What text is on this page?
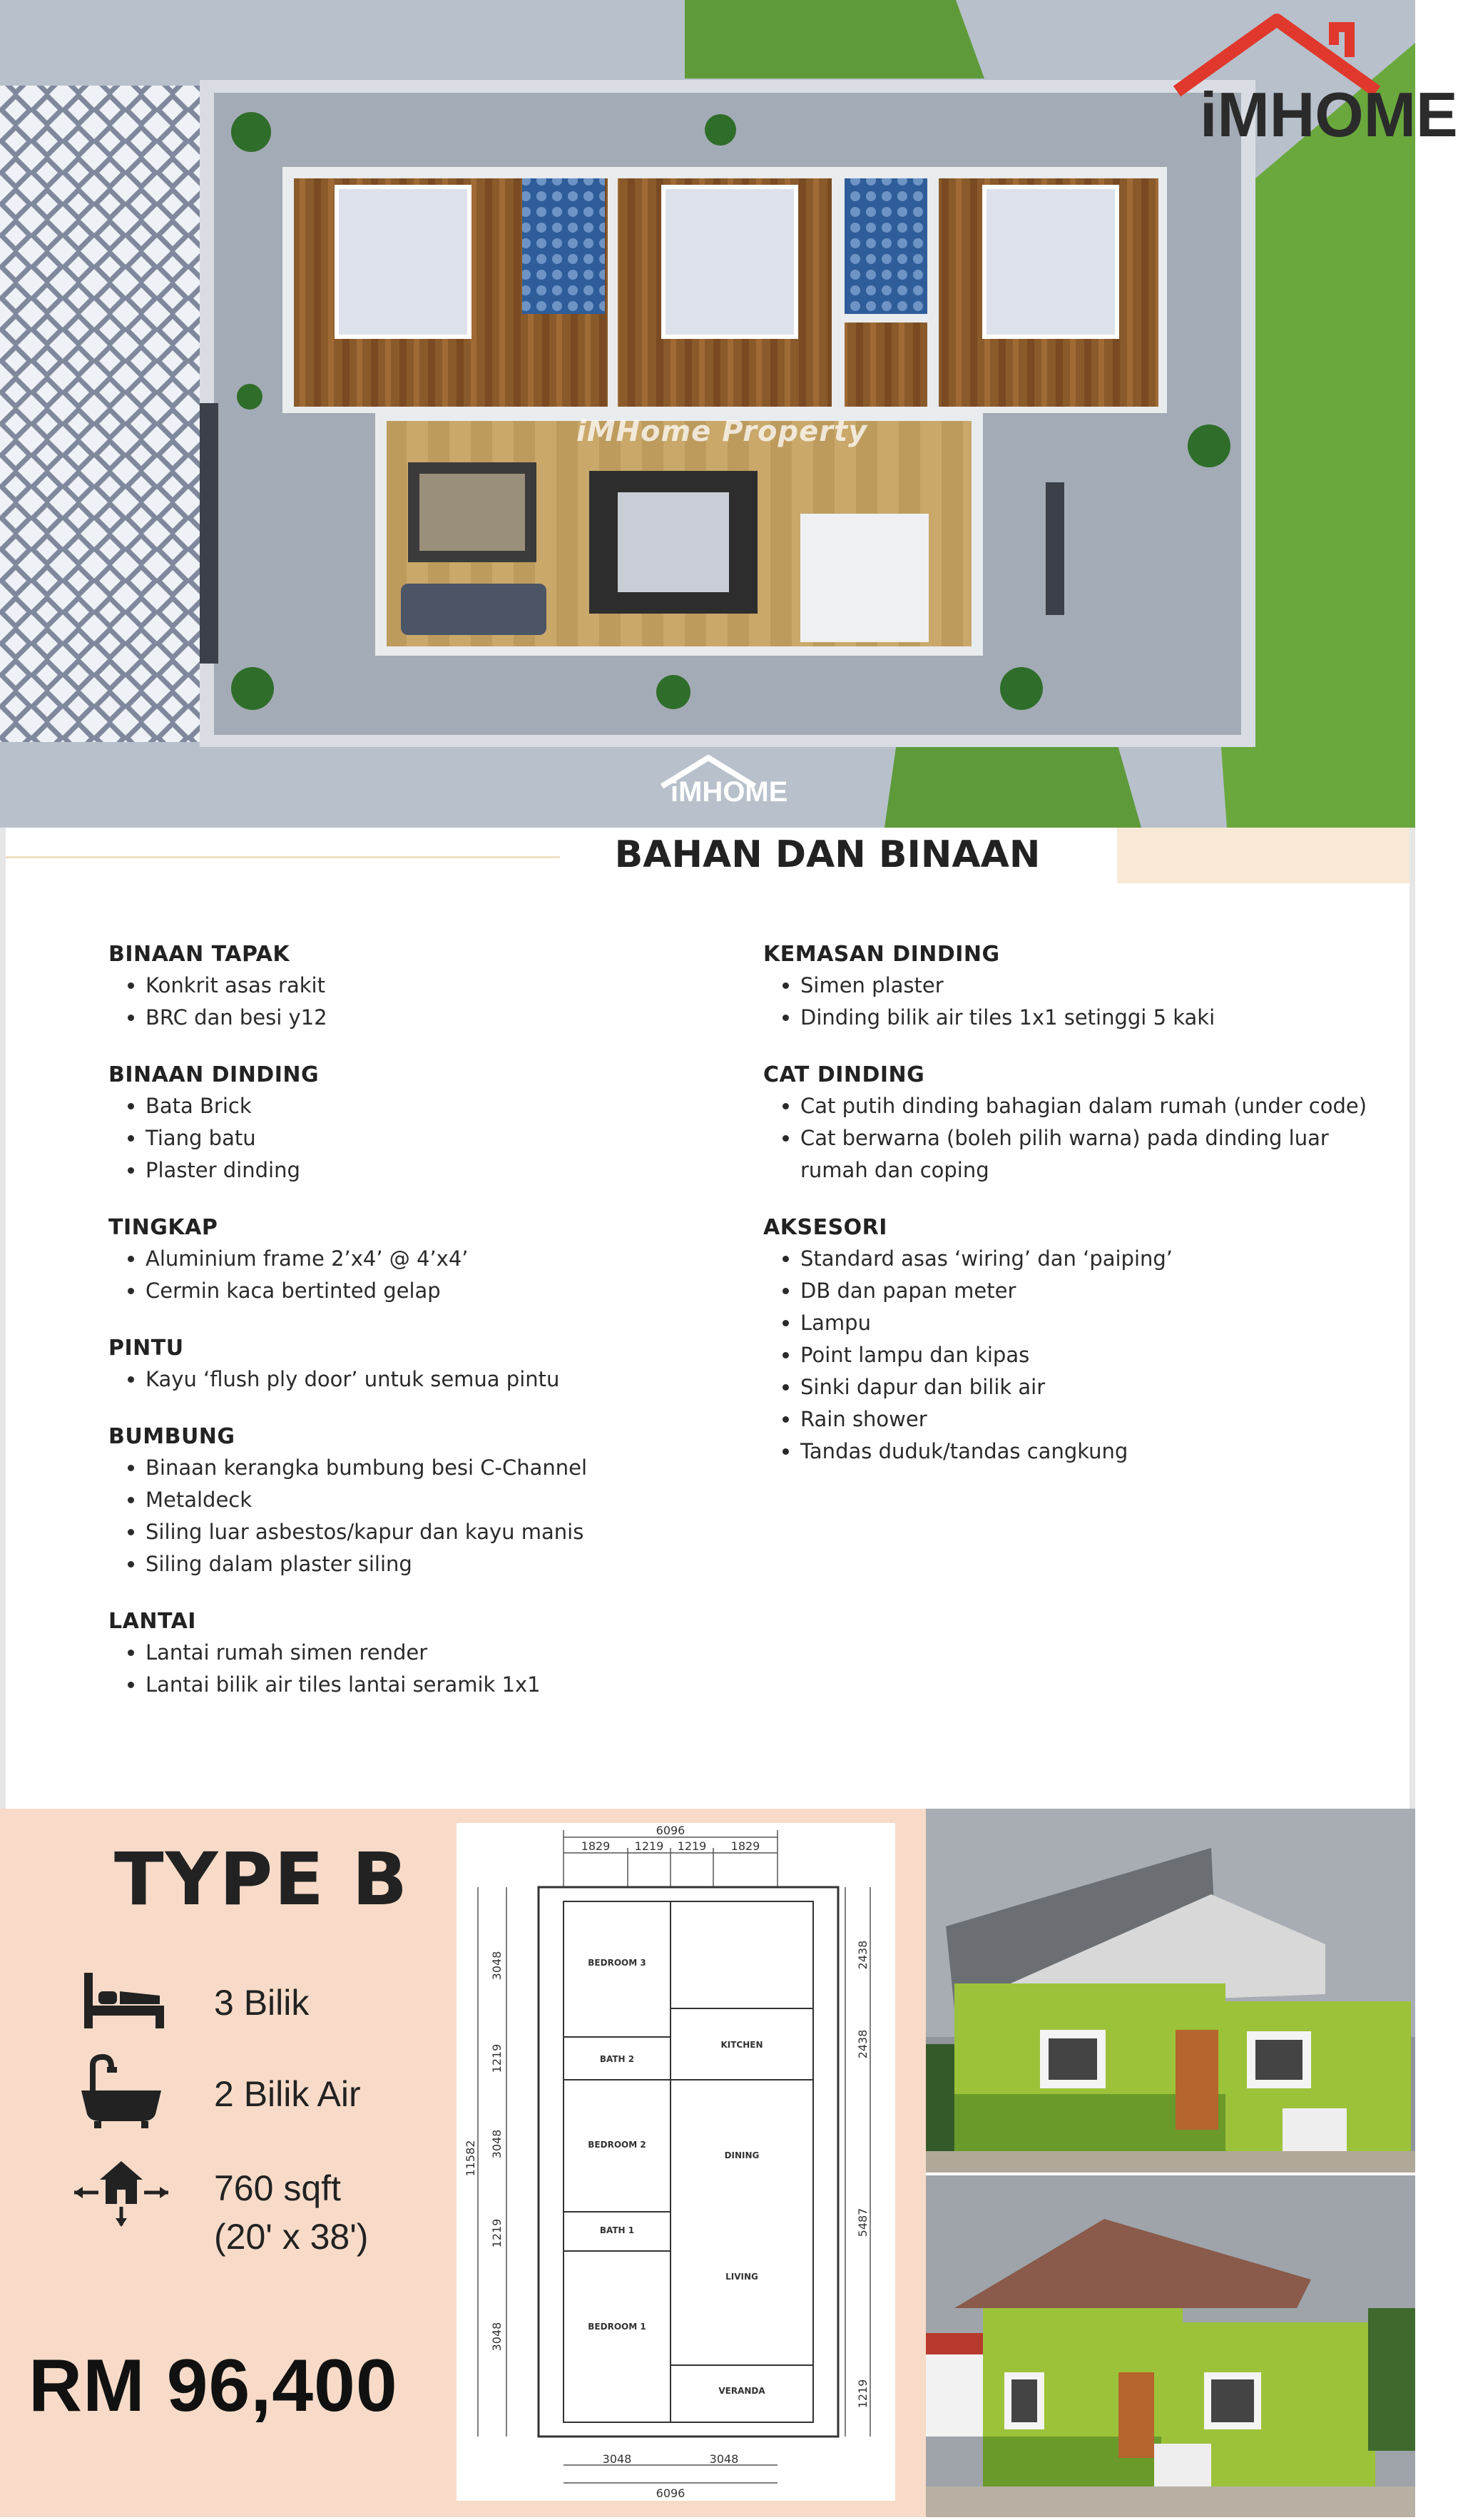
iMHome Property
iMHOME
iMHOME
BAHAN DAN BINAAN
BINAAN TAPAK
• Konkrit asas rakit
• BRC dan besi y12
BINAAN DINDING
• Bata Brick
• Tiang batu
• Plaster dinding
TINGKAP
• Aluminium frame 2’x4’ @ 4’x4’
• Cermin kaca bertinted gelap
PINTU
• Kayu ‘flush ply door’ untuk semua pintu
BUMBUNG
• Binaan kerangka bumbung besi C-Channel
• Metaldeck
• Siling luar asbestos/kapur dan kayu manis
• Siling dalam plaster siling
LANTAI
• Lantai rumah simen render
• Lantai bilik air tiles lantai seramik 1x1
KEMASAN DINDING
• Simen plaster
• Dinding bilik air tiles 1x1 setinggi 5 kaki
CAT DINDING
• Cat putih dinding bahagian dalam rumah (under code)
• Cat berwarna (boleh pilih warna) pada dinding luar rumah dan coping
AKSESORI
• Standard asas ‘wiring’ dan ‘paiping’
• DB dan papan meter
• Lampu
• Point lampu dan kipas
• Sinki dapur dan bilik air
• Rain shower
• Tandas duduk/tandas cangkung
TYPE B
3 Bilik
2 Bilik Air
760 sqft
(20' x 38')
RM 96,400
6096
1829 1219 1219 1829
3048	3048
6096
11582
3048
1219
3048
1219
3048
2438
2438
5487
1219
BEDROOM 3
BATH 2
KITCHEN
BEDROOM 2
DINING
BATH 1
LIVING
BEDROOM 1
VERANDA
